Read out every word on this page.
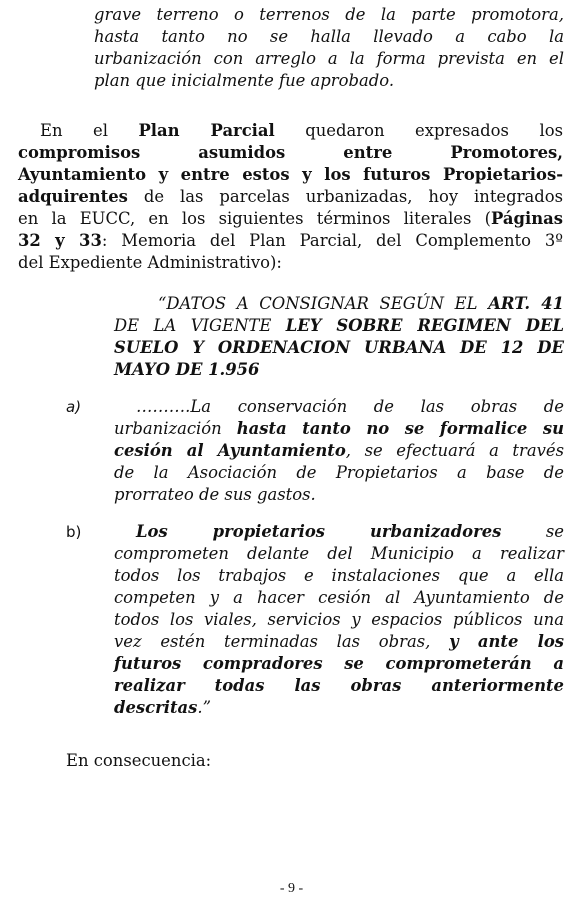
grave terreno o terrenos de la parte promotora,
hasta tanto no se halla llevado a cabo la
urbanización con arreglo a la forma prevista en el
plan que inicialmente fue aprobado.
En el Plan Parcial quedaron expresados los
compromisos asumidos entre Promotores,
Ayuntamiento y entre estos y los futuros Propietarios-
adquirentes de las parcelas urbanizadas, hoy integrados
en la EUCC, en los siguientes términos literales (Páginas
32 y 33: Memoria del Plan Parcial, del Complemento 3º
del Expediente Administrativo):
“DATOS A CONSIGNAR SEGÚN EL ART. 41
DE LA VIGENTE LEY SOBRE REGIMEN DEL
SUELO Y ORDENACION URBANA DE 12 DE
MAYO DE 1.956
a)	……….La conservación de las obras de
urbanización hasta tanto no se formalice su
cesión al Ayuntamiento, se efectuará a través
de la Asociación de Propietarios a base de
prorrateo de sus gastos.
b)	Los propietarios urbanizadores se
comprometen delante del Municipio a realizar
todos los trabajos e instalaciones que a ella
competen y a hacer cesión al Ayuntamiento de
todos los viales, servicios y espacios públicos una
vez estén terminadas las obras, y ante los
futuros compradores se comprometerán a
realizar todas las obras anteriormente
descritas.”
En consecuencia:
- 9 -
